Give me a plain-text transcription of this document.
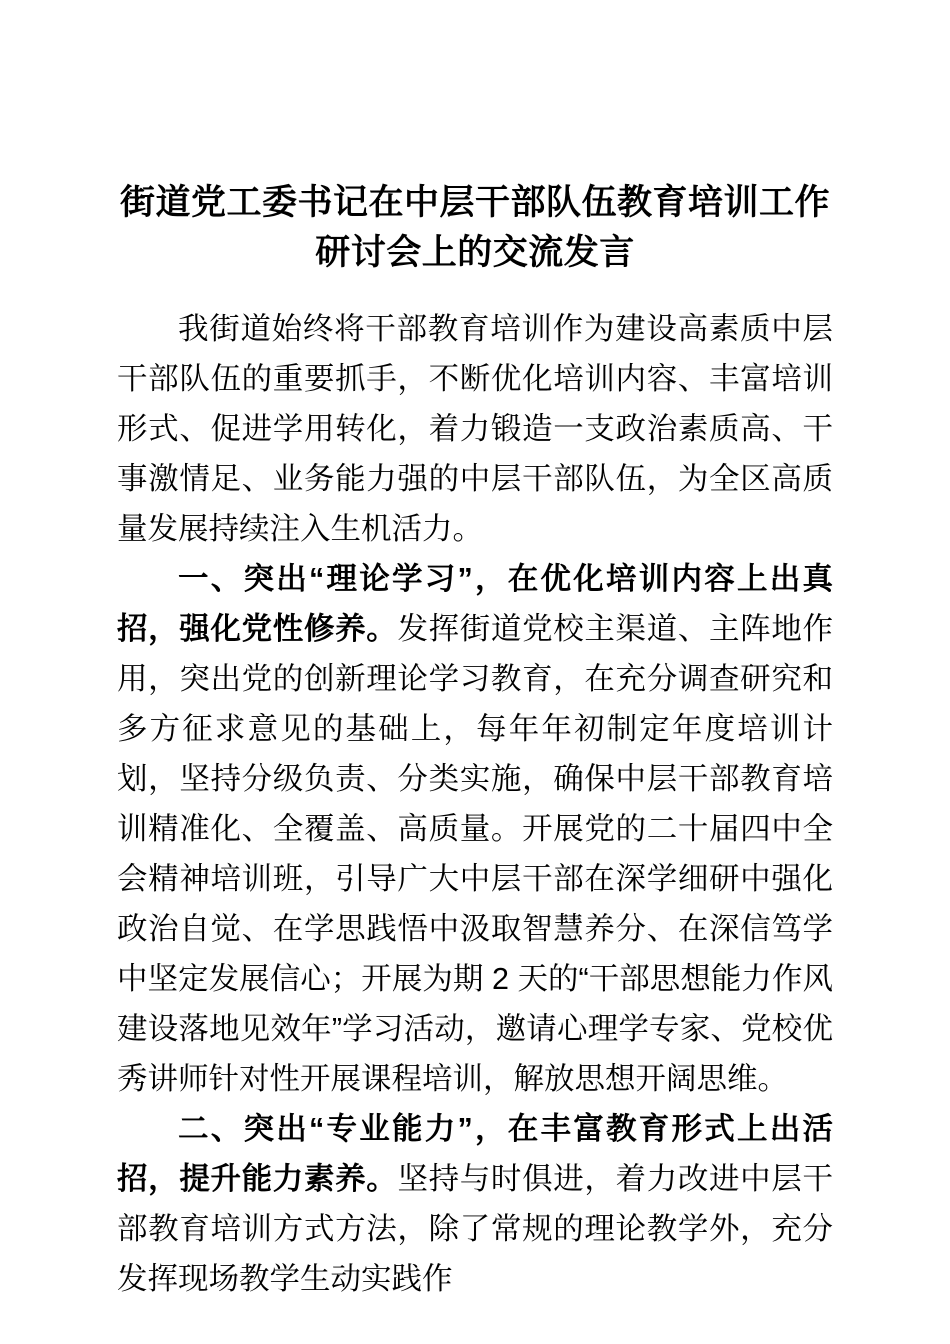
街道党工委书记在中层干部队伍教育培训工作研讨会上的交流发言

我街道始终将干部教育培训作为建设高素质中层干部队伍的重要抓手，不断优化培训内容、丰富培训形式、促进学用转化，着力锻造一支政治素质高、干事激情足、业务能力强的中层干部队伍，为全区高质量发展持续注入生机活力。

一、突出“理论学习”，在优化培训内容上出真招，强化党性修养。发挥街道党校主渠道、主阵地作用，突出党的创新理论学习教育，在充分调查研究和多方征求意见的基础上，每年年初制定年度培训计划，坚持分级负责、分类实施，确保中层干部教育培训精准化、全覆盖、高质量。开展党的二十届四中全会精神培训班，引导广大中层干部在深学细研中强化政治自觉、在学思践悟中汲取智慧养分、在深信笃学中坚定发展信心；开展为期 2 天的“干部思想能力作风建设落地见效年”学习活动，邀请心理学专家、党校优秀讲师针对性开展课程培训，解放思想开阔思维。

二、突出“专业能力”，在丰富教育形式上出活招，提升能力素养。坚持与时俱进，着力改进中层干部教育培训方式方法，除了常规的理论教学外，充分发挥现场教学生动实践作
